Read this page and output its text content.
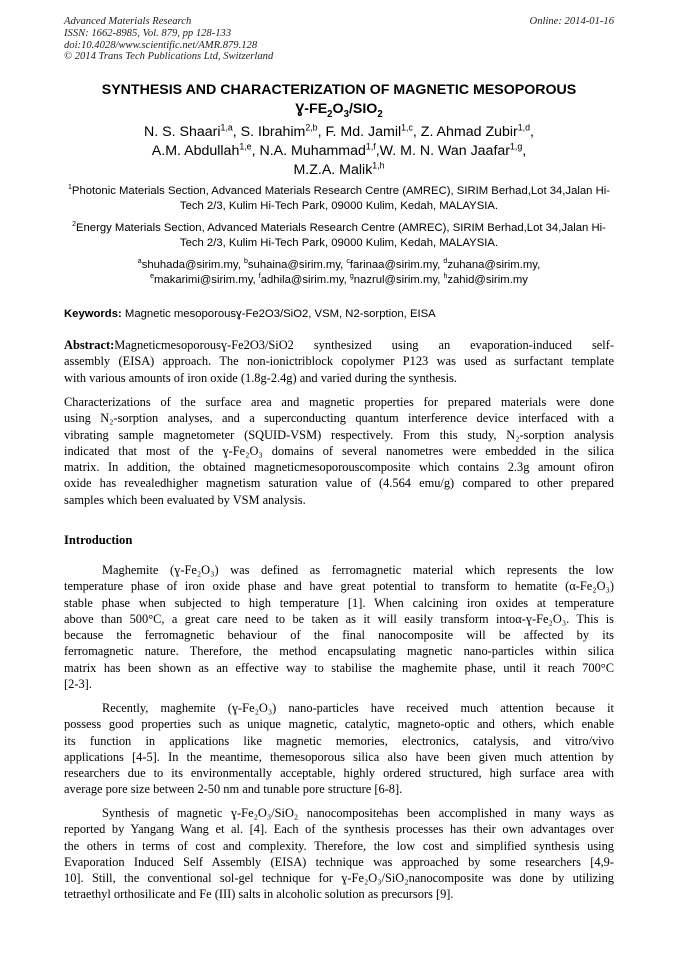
Advanced Materials Research
ISSN: 1662-8985, Vol. 879, pp 128-133
doi:10.4028/www.scientific.net/AMR.879.128
© 2014 Trans Tech Publications Ltd, Switzerland
Online: 2014-01-16
SYNTHESIS AND CHARACTERIZATION OF MAGNETIC MESOPOROUS
$Ɣ-FE_2O_3/SIO_2$
N. S. Shaari$^{1,a}$, S. Ibrahim$^{2,b}$, F. Md. Jamil$^{1,c}$, Z. Ahmad Zubir$^{1,d}$,
A.M. Abdullah$^{1,e}$, N.A. Muhammad$^{1,f}$,W. M. N. Wan Jaafar$^{1,g}$,
M.Z.A. Malik$^{1,h}$
$^1$Photonic Materials Section, Advanced Materials Research Centre (AMREC), SIRIM Berhad,Lot 34,Jalan Hi-Tech 2/3, Kulim Hi-Tech Park, 09000 Kulim, Kedah, MALAYSIA.
$^2$Energy Materials Section, Advanced Materials Research Centre (AMREC), SIRIM Berhad,Lot 34,Jalan Hi-Tech 2/3, Kulim Hi-Tech Park, 09000 Kulim, Kedah, MALAYSIA.
$^a$shuhada@sirim.my, $^b$suhaina@sirim.my, $^c$farinaa@sirim.my, $^d$zuhana@sirim.my,
$^e$makarimi@sirim.my, $^f$adhila@sirim.my, $^g$nazrul@sirim.my, $^h$zahid@sirim.my
Keywords: Magnetic mesoporousɣ-Fe2O3/SiO2, VSM, N2-sorption, EISA
Abstract:Magneticmesoporousɣ-Fe2O3/SiO2 synthesized using an evaporation-induced self-
assembly (EISA) approach. The non-ionictriblock copolymer P123 was used as surfactant template
with various amounts of iron oxide (1.8g-2.4g) and varied during the synthesis.
Characterizations of the surface area and magnetic properties for prepared materials were done
using N₂-sorption analyses, and a superconducting quantum interference device interfaced with a
vibrating sample magnetometer (SQUID-VSM) respectively. From this study, N₂-sorption analysis
indicated that most of the ɣ-Fe₂O₃ domains of several nanometres were embedded in the silica
matrix. In addition, the obtained magneticmesoporouscomposite which contains 2.3g amount ofiron
oxide has revealedhigher magnetism saturation value of (4.564 emu/g) compared to other prepared
samples which been evaluated by VSM analysis.
Introduction
Maghemite (ɣ-Fe₂O₃) was defined as ferromagnetic material which represents the low
temperature phase of iron oxide phase and have great potential to transform to hematite (α-Fe₂O₃)
stable phase when subjected to high temperature [1]. When calcining iron oxides at temperature
above than 500°C, a great care need to be taken as it will easily transform intoα-ɣ-Fe₂O₃. This is
because the ferromagnetic behaviour of the final nanocomposite will be affected by its
ferromagnetic nature. Therefore, the method encapsulating magnetic nano-particles within silica
matrix has been shown as an effective way to stabilise the maghemite phase, until it reach 700°C
[2-3].
Recently, maghemite (ɣ-Fe₂O₃) nano-particles have received much attention because it
possess good properties such as unique magnetic, catalytic, magneto-optic and others, which enable
its function in applications like magnetic memories, electronics, catalysis, and vitro/vivo
applications [4-5]. In the meantime, themesoporous silica also have been given much attention by
researchers due to its environmentally acceptable, highly ordered structured, high surface area with
average pore size between 2-50 nm and tunable pore structure [6-8].
Synthesis of magnetic ɣ-Fe₂O₃/SiO₂ nanocompositehas been accomplished in many ways as
reported by Yangang Wang et al. [4]. Each of the synthesis processes has their own advantages over
the others in terms of cost and complexity. Therefore, the low cost and simplified synthesis using
Evaporation Induced Self Assembly (EISA) technique was approached by some researchers [4,9-
10]. Still, the conventional sol-gel technique for ɣ-Fe₂O₃/SiO₂nanocomposite was done by utilizing
tetraethyl orthosilicate and Fe (III) salts in alcoholic solution as precursors [9].
